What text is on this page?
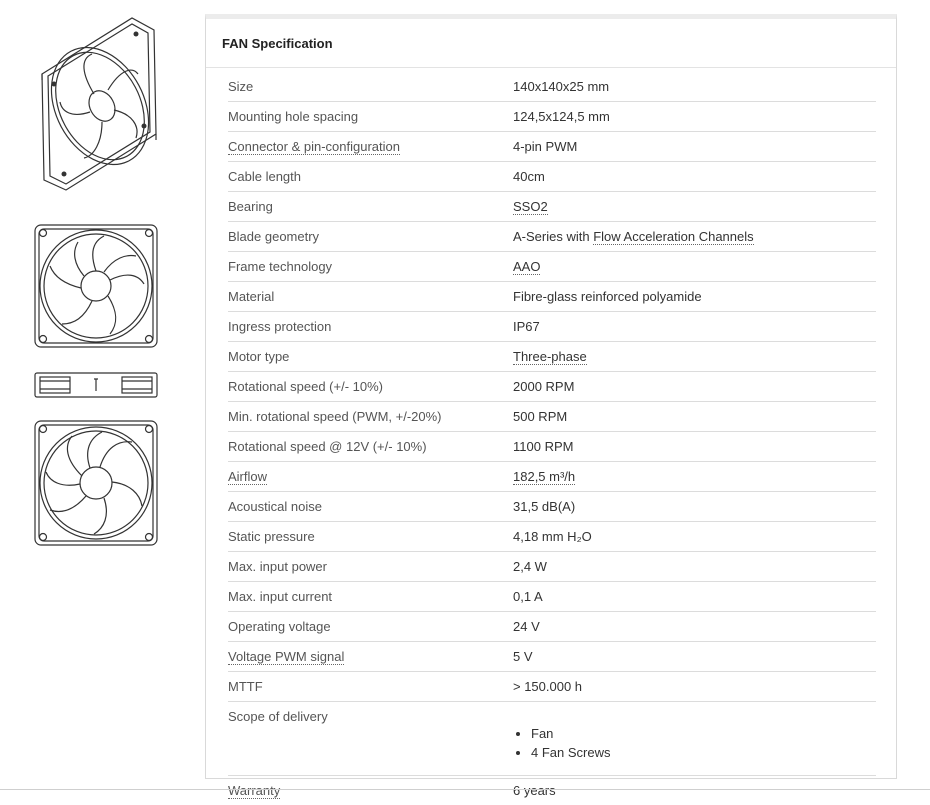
FAN Specification
Size	140x140x25 mm
Mounting hole spacing	124,5x124,5 mm
Connector & pin-configuration	4-pin PWM
Cable length	40cm
Bearing	SSO2
Blade geometry	A-Series with Flow Acceleration Channels
Frame technology	AAO
Material	Fibre-glass reinforced polyamide
Ingress protection	IP67
Motor type	Three-phase
Rotational speed (+/- 10%)	2000 RPM
Min. rotational speed (PWM, +/-20%)	500 RPM
Rotational speed @ 12V (+/- 10%)	1100 RPM
Airflow	182,5 m³/h
Acoustical noise	31,5 dB(A)
Static pressure	4,18 mm H₂O
Max. input power	2,4 W
Max. input current	0,1 A
Operating voltage	24 V
Voltage PWM signal	5 V
MTTF	> 150.000 h
Scope of delivery
• Fan
• 4 Fan Screws
Warranty	6 years
